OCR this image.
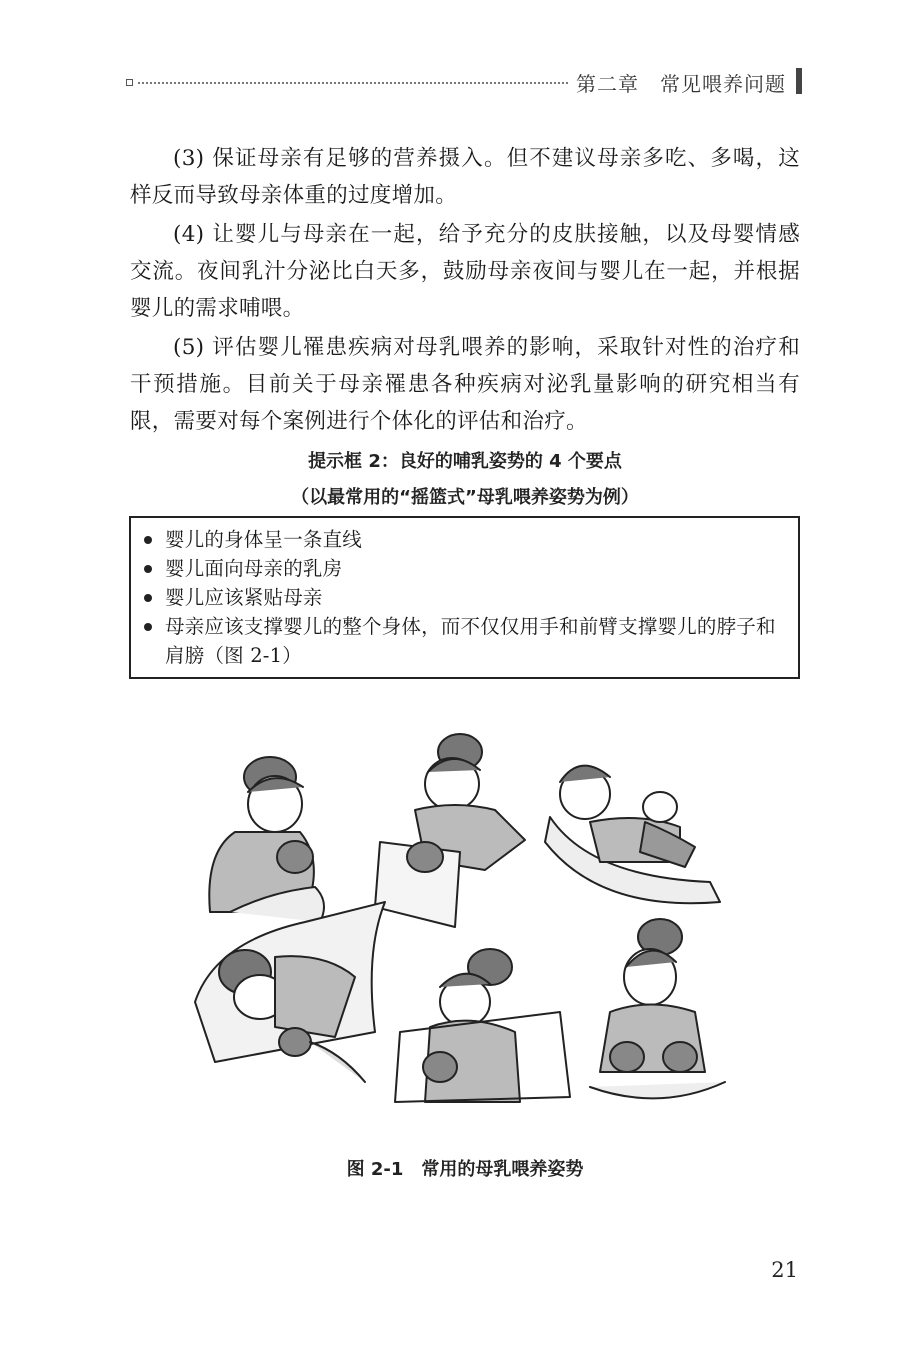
第二章　常见喂养问题

(3) 保证母亲有足够的营养摄入。但不建议母亲多吃、多喝，这样反而导致母亲体重的过度增加。

(4) 让婴儿与母亲在一起，给予充分的皮肤接触，以及母婴情感交流。夜间乳汁分泌比白天多，鼓励母亲夜间与婴儿在一起，并根据婴儿的需求哺喂。

(5) 评估婴儿罹患疾病对母乳喂养的影响，采取针对性的治疗和干预措施。目前关于母亲罹患各种疾病对泌乳量影响的研究相当有限，需要对每个案例进行个体化的评估和治疗。

提示框 2：良好的哺乳姿势的 4 个要点
（以最常用的“摇篮式”母乳喂养姿势为例）
婴儿的身体呈一条直线
婴儿面向母亲的乳房
婴儿应该紧贴母亲
母亲应该支撑婴儿的整个身体，而不仅仅用手和前臂支撑婴儿的脖子和肩膀（图 2-1）
图 2-1　常用的母乳喂养姿势
21
